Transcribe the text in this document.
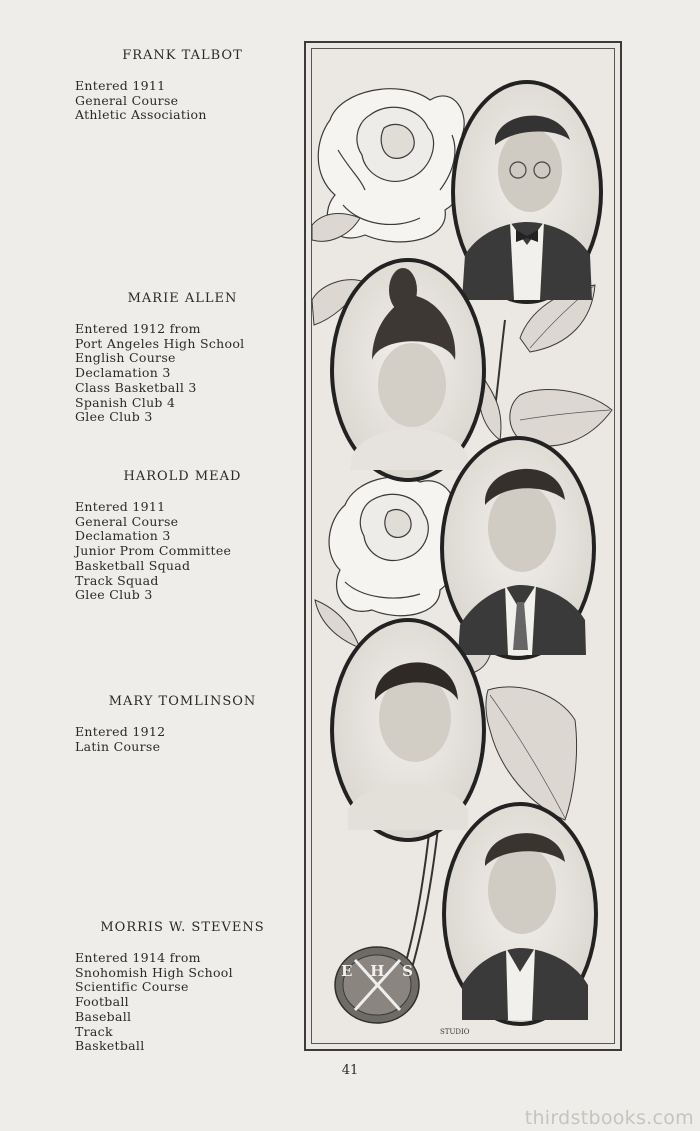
FRANK TALBOT
Entered 1911
General Course
Athletic Association
MARIE ALLEN
Entered 1912 from
Port Angeles High School
English Course
Declamation 3
Class Basketball 3
Spanish Club 4
Glee Club 3
HAROLD MEAD
Entered 1911
General Course
Declamation 3
Junior Prom Committee
Basketball Squad
Track Squad
Glee Club 3
MARY TOMLINSON
Entered 1912
Latin Course
MORRIS W. STEVENS
Entered 1914 from
Snohomish High School
Scientific Course
Football
Baseball
Track
Basketball
E H S
STUDIO
41
thirdstbooks.com
